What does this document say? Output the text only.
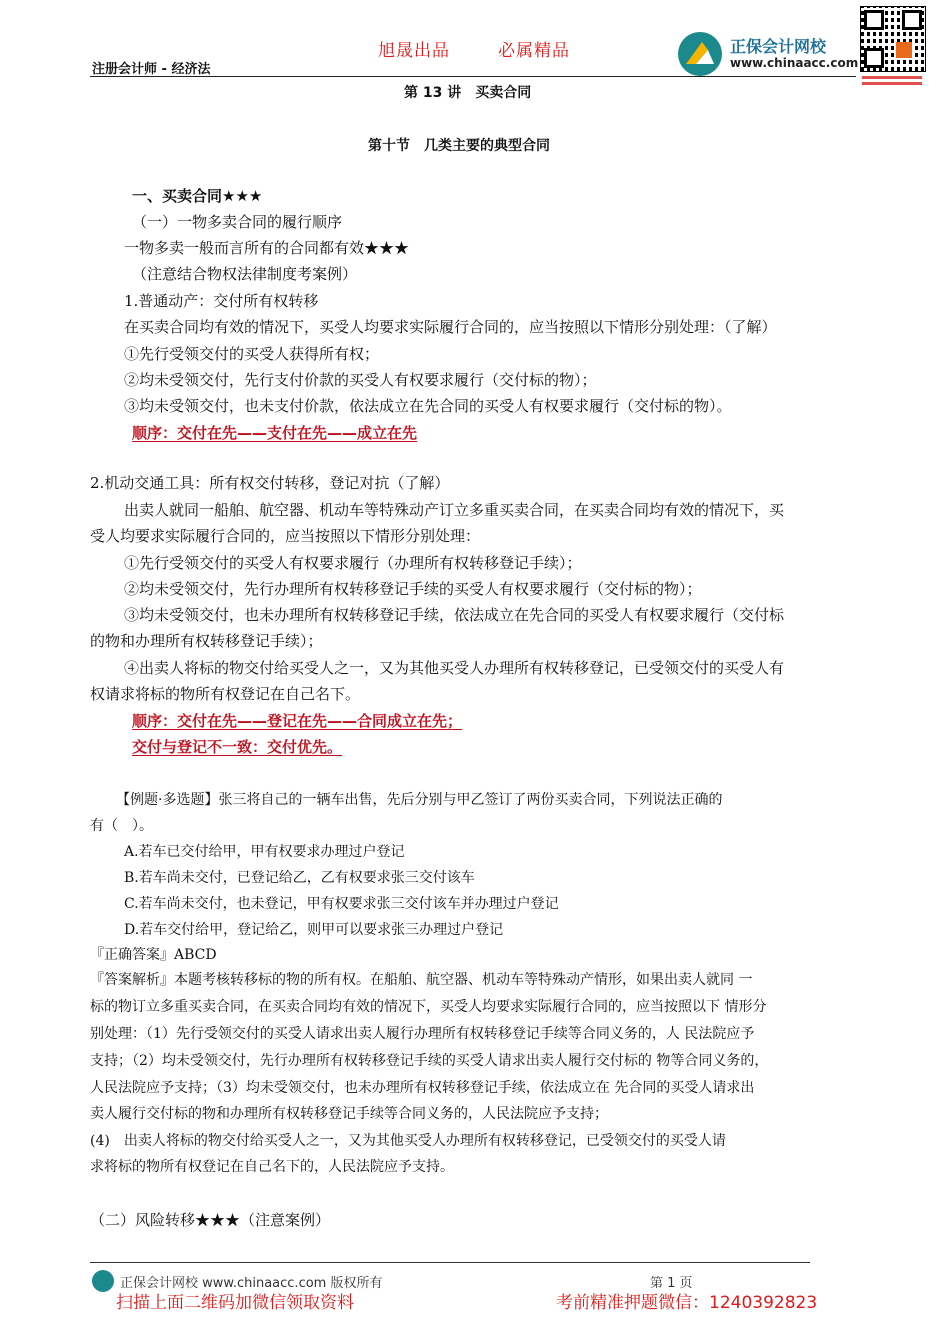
旭晟出品	必属精品
注册会计师 - 经济法
正保会计网校
www.chinaacc.com
第 13 讲　买卖合同
第十节　几类主要的典型合同
一、买卖合同★★★
（一）一物多卖合同的履行顺序
一物多卖一般而言所有的合同都有效★★★
（注意结合物权法律制度考案例）
1.普通动产：交付所有权转移
在买卖合同均有效的情况下，买受人均要求实际履行合同的，应当按照以下情形分别处理：（了解）
①先行受领交付的买受人获得所有权；
②均未受领交付，先行支付价款的买受人有权要求履行（交付标的物）；
③均未受领交付，也未支付价款，依法成立在先合同的买受人有权要求履行（交付标的物）。
顺序：交付在先——支付在先——成立在先
2.机动交通工具：所有权交付转移，登记对抗（了解）
出卖人就同一船舶、航空器、机动车等特殊动产订立多重买卖合同，在买卖合同均有效的情况下，买
受人均要求实际履行合同的，应当按照以下情形分别处理：
①先行受领交付的买受人有权要求履行（办理所有权转移登记手续）；
②均未受领交付，先行办理所有权转移登记手续的买受人有权要求履行（交付标的物）；
③均未受领交付，也未办理所有权转移登记手续，依法成立在先合同的买受人有权要求履行（交付标
的物和办理所有权转移登记手续）；
④出卖人将标的物交付给买受人之一，又为其他买受人办理所有权转移登记，已受领交付的买受人有
权请求将标的物所有权登记在自己名下。
顺序：交付在先——登记在先——合同成立在先；
交付与登记不一致：交付优先。
【例题·多选题】张三将自己的一辆车出售，先后分别与甲乙签订了两份买卖合同，下列说法正确的
有（　）。
A.若车已交付给甲，甲有权要求办理过户登记
B.若车尚未交付，已登记给乙，乙有权要求张三交付该车
C.若车尚未交付，也未登记，甲有权要求张三交付该车并办理过户登记
D.若车交付给甲，登记给乙，则甲可以要求张三办理过户登记
『正确答案』ABCD
『答案解析』本题考核转移标的物的所有权。在船舶、航空器、机动车等特殊动产情形，如果出卖人就同 一
标的物订立多重买卖合同，在买卖合同均有效的情况下，买受人均要求实际履行合同的，应当按照以下 情形分
别处理：（1）先行受领交付的买受人请求出卖人履行办理所有权转移登记手续等合同义务的，人 民法院应予
支持；（2）均未受领交付，先行办理所有权转移登记手续的买受人请求出卖人履行交付标的 物等合同义务的，
人民法院应予支持；（3）均未受领交付，也未办理所有权转移登记手续，依法成立在 先合同的买受人请求出
卖人履行交付标的物和办理所有权转移登记手续等合同义务的，人民法院应予支持；
(4)　出卖人将标的物交付给买受人之一，又为其他买受人办理所有权转移登记，已受领交付的买受人请
求将标的物所有权登记在自己名下的，人民法院应予支持。
（二）风险转移★★★（注意案例）
正保会计网校 www.chinaacc.com 版权所有	第 1 页
扫描上面二维码加微信领取资料	考前精准押题微信：1240392823
